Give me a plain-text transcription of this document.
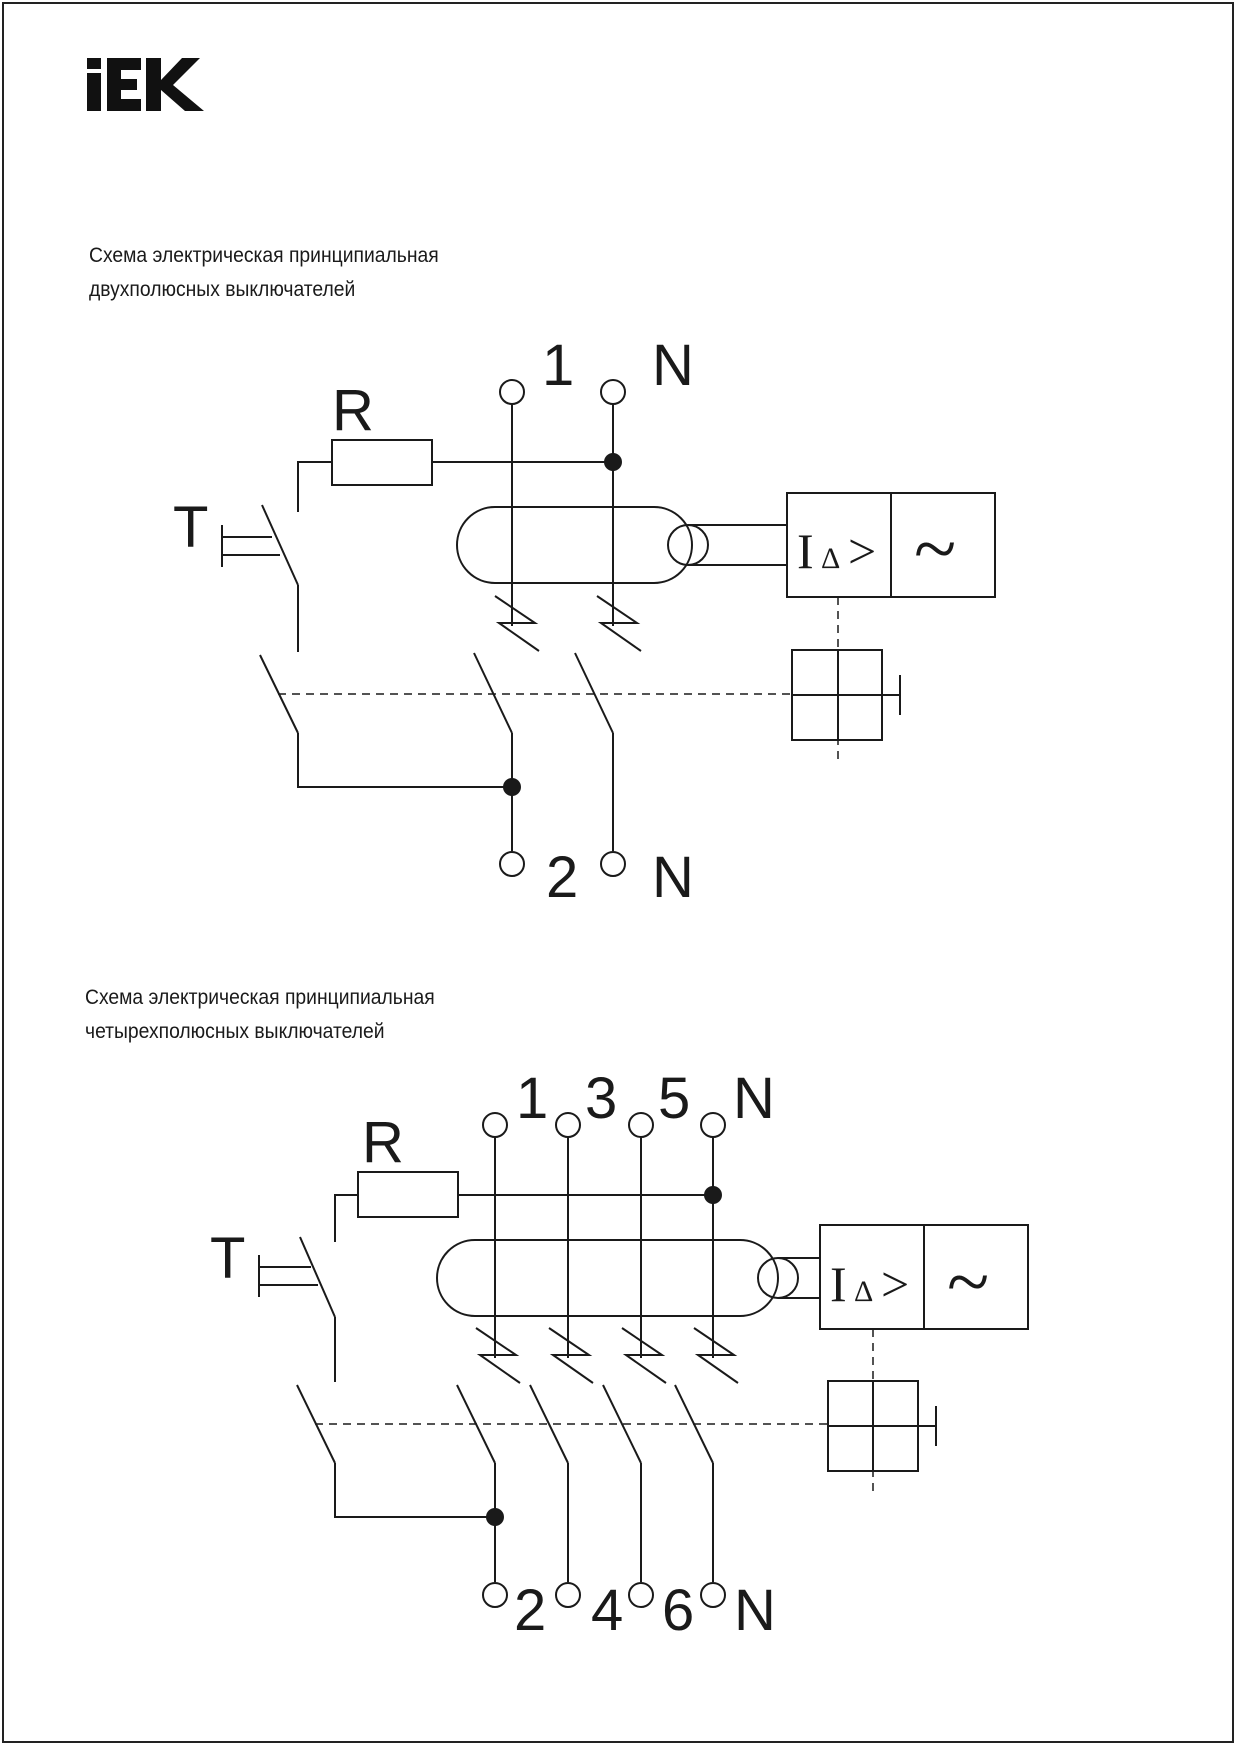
Схема электрическая принципиальная
двухполюсных выключателей

1 N
R
T	I Δ > ~
2 N

Схема электрическая принципиальная
четырехполюсных выключателей

1 3 5 N
R
T	I Δ > ~
2 4 6 N
